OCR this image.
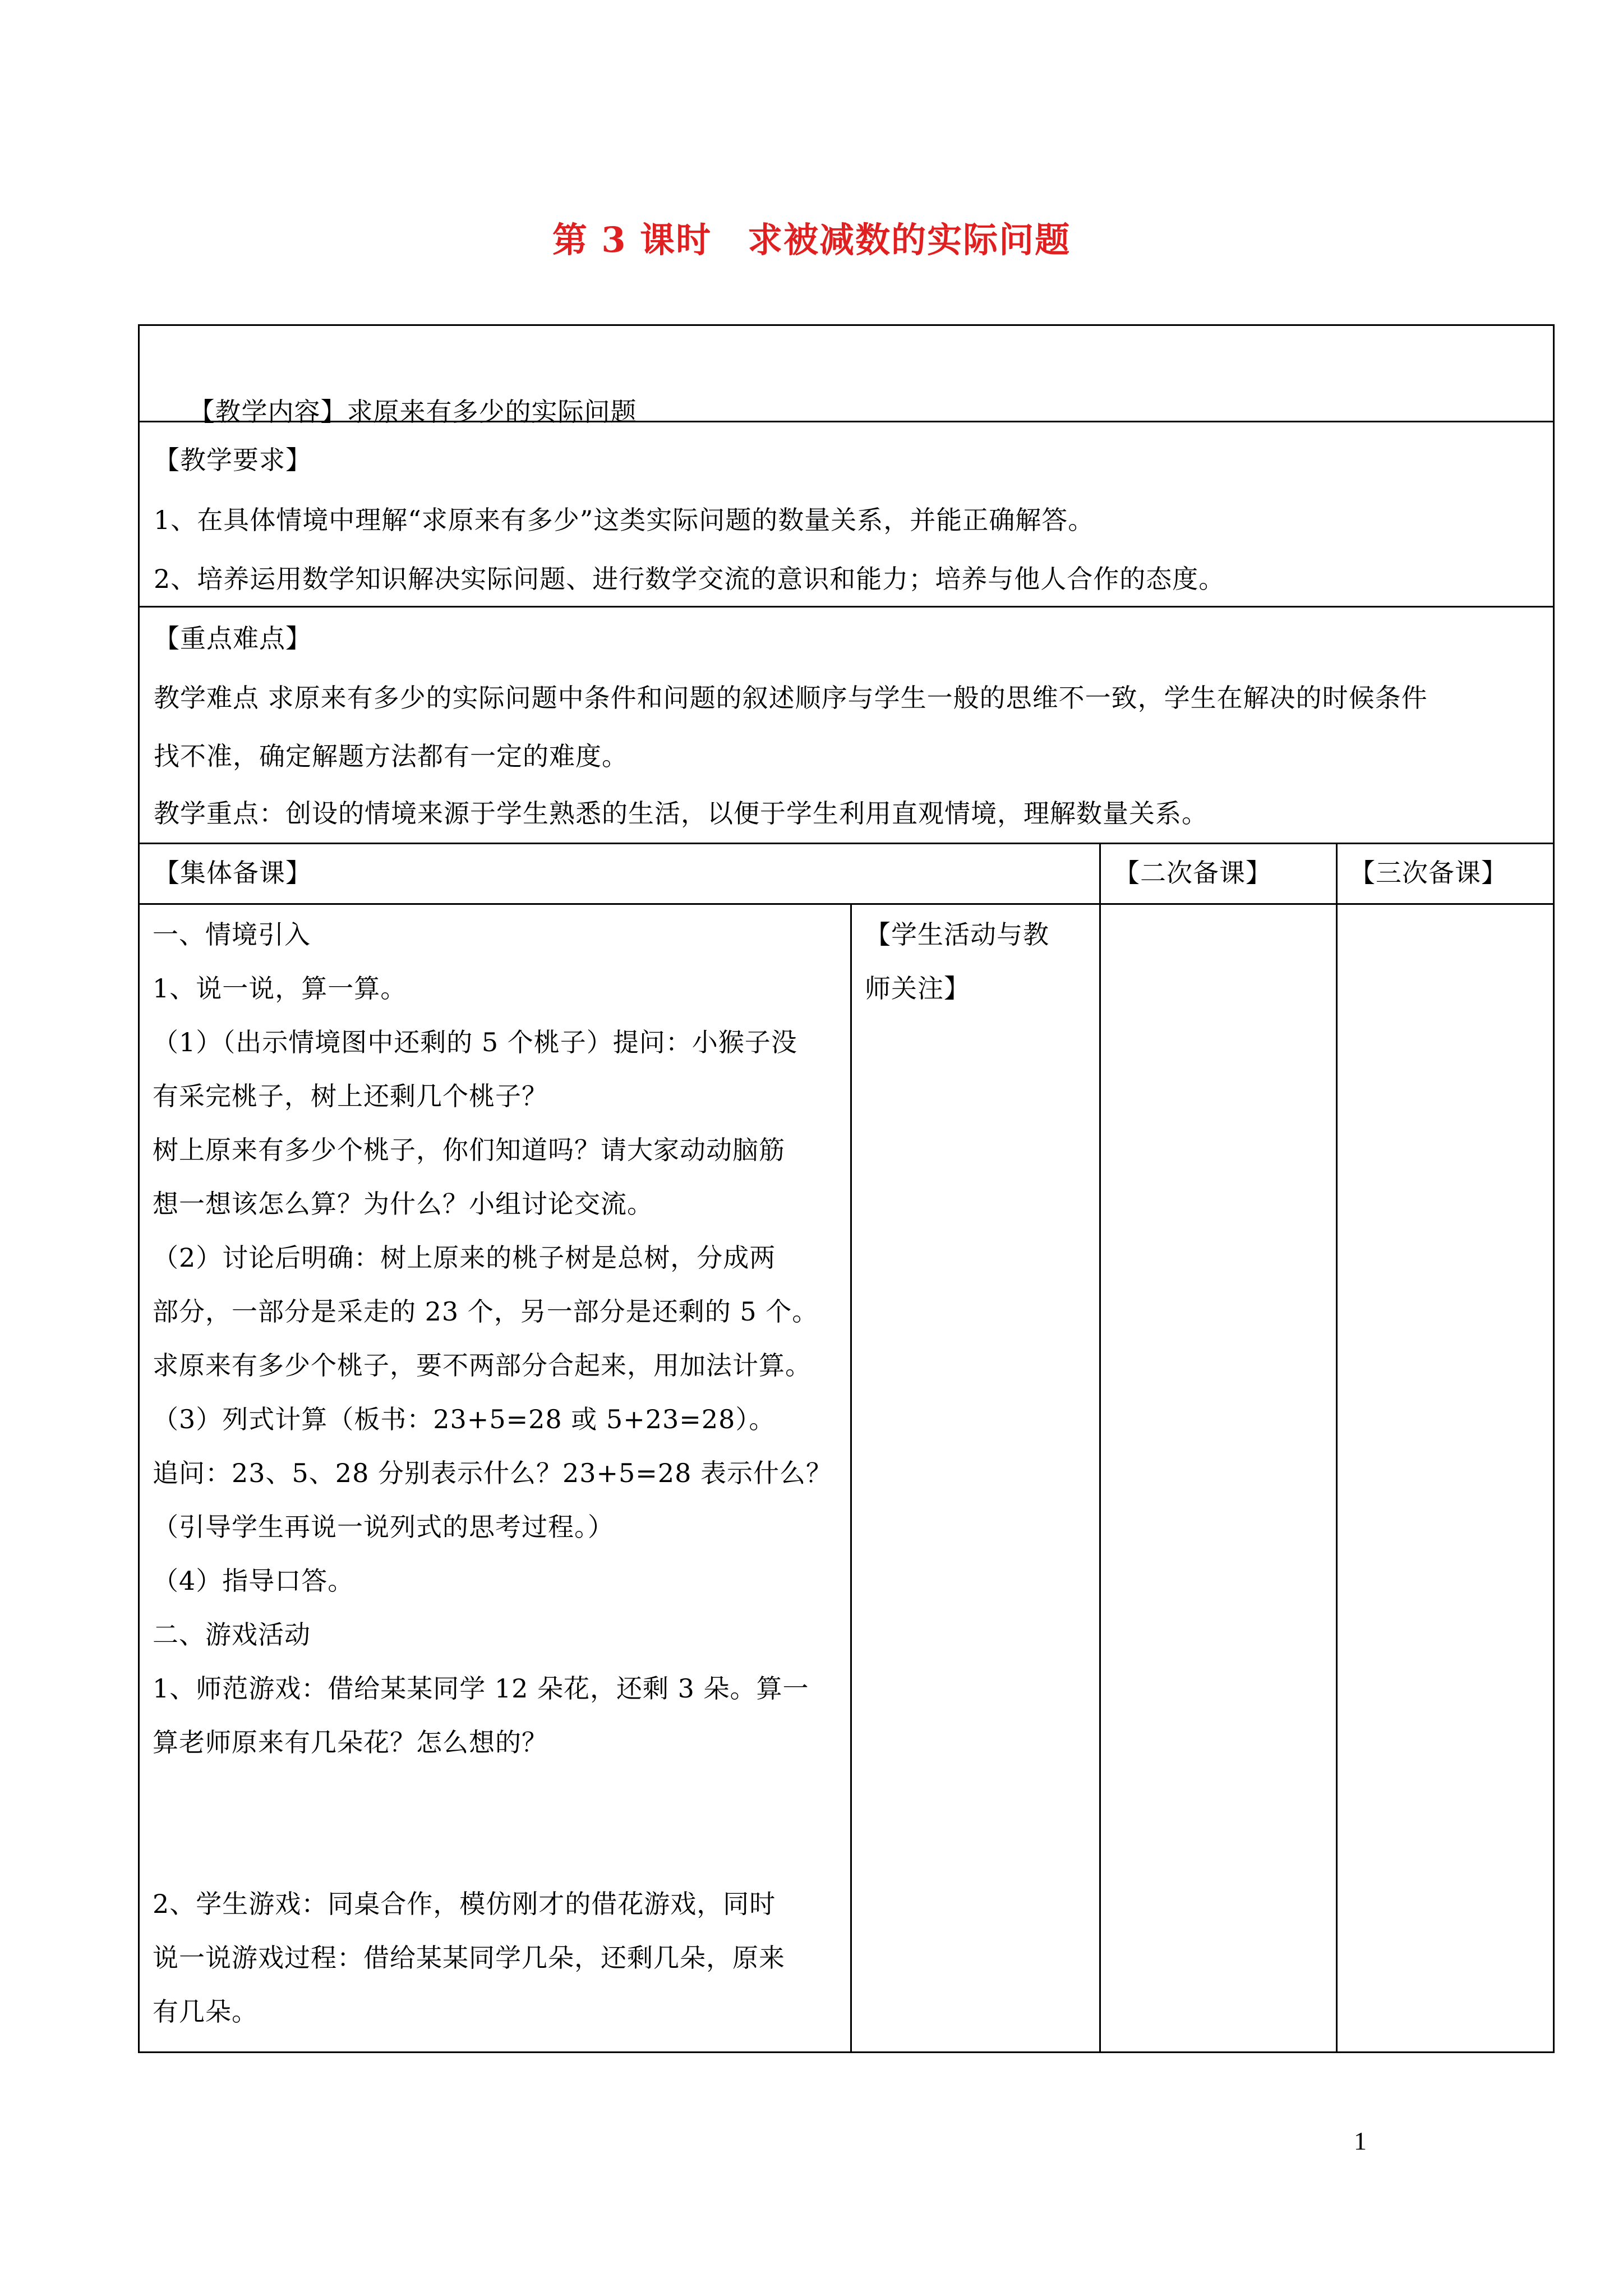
第 3 课时　求被减数的实际问题

【教学内容】求原来有多少的实际问题

【教学要求】
1、在具体情境中理解“求原来有多少”这类实际问题的数量关系，并能正确解答。
2、培养运用数学知识解决实际问题、进行数学交流的意识和能力；培养与他人合作的态度。
【重点难点】
教学难点 求原来有多少的实际问题中条件和问题的叙述顺序与学生一般的思维不一致，学生在解决的时候条件
找不准，确定解题方法都有一定的难度。
教学重点：创设的情境来源于学生熟悉的生活，以便于学生利用直观情境，理解数量关系。
【集体备课】	【二次备课】	【三次备课】
【学生活动与教
师关注】
一、情境引入
1、说一说，算一算。
（1）（出示情境图中还剩的 5 个桃子）提问：小猴子没
有采完桃子，树上还剩几个桃子？
树上原来有多少个桃子，你们知道吗？请大家动动脑筋
想一想该怎么算？为什么？小组讨论交流。
（2）讨论后明确：树上原来的桃子树是总树，分成两
部分，一部分是采走的 23 个，另一部分是还剩的 5 个。
求原来有多少个桃子，要不两部分合起来，用加法计算。
（3）列式计算（板书：23+5=28 或 5+23=28）。
追问：23、5、28 分别表示什么？23+5=28 表示什么？
（引导学生再说一说列式的思考过程。）
（4）指导口答。
二、游戏活动
1、师范游戏：借给某某同学 12 朵花，还剩 3 朵。算一
算老师原来有几朵花？怎么想的？
2、学生游戏：同桌合作，模仿刚才的借花游戏，同时
说一说游戏过程：借给某某同学几朵，还剩几朵，原来
有几朵。
1
